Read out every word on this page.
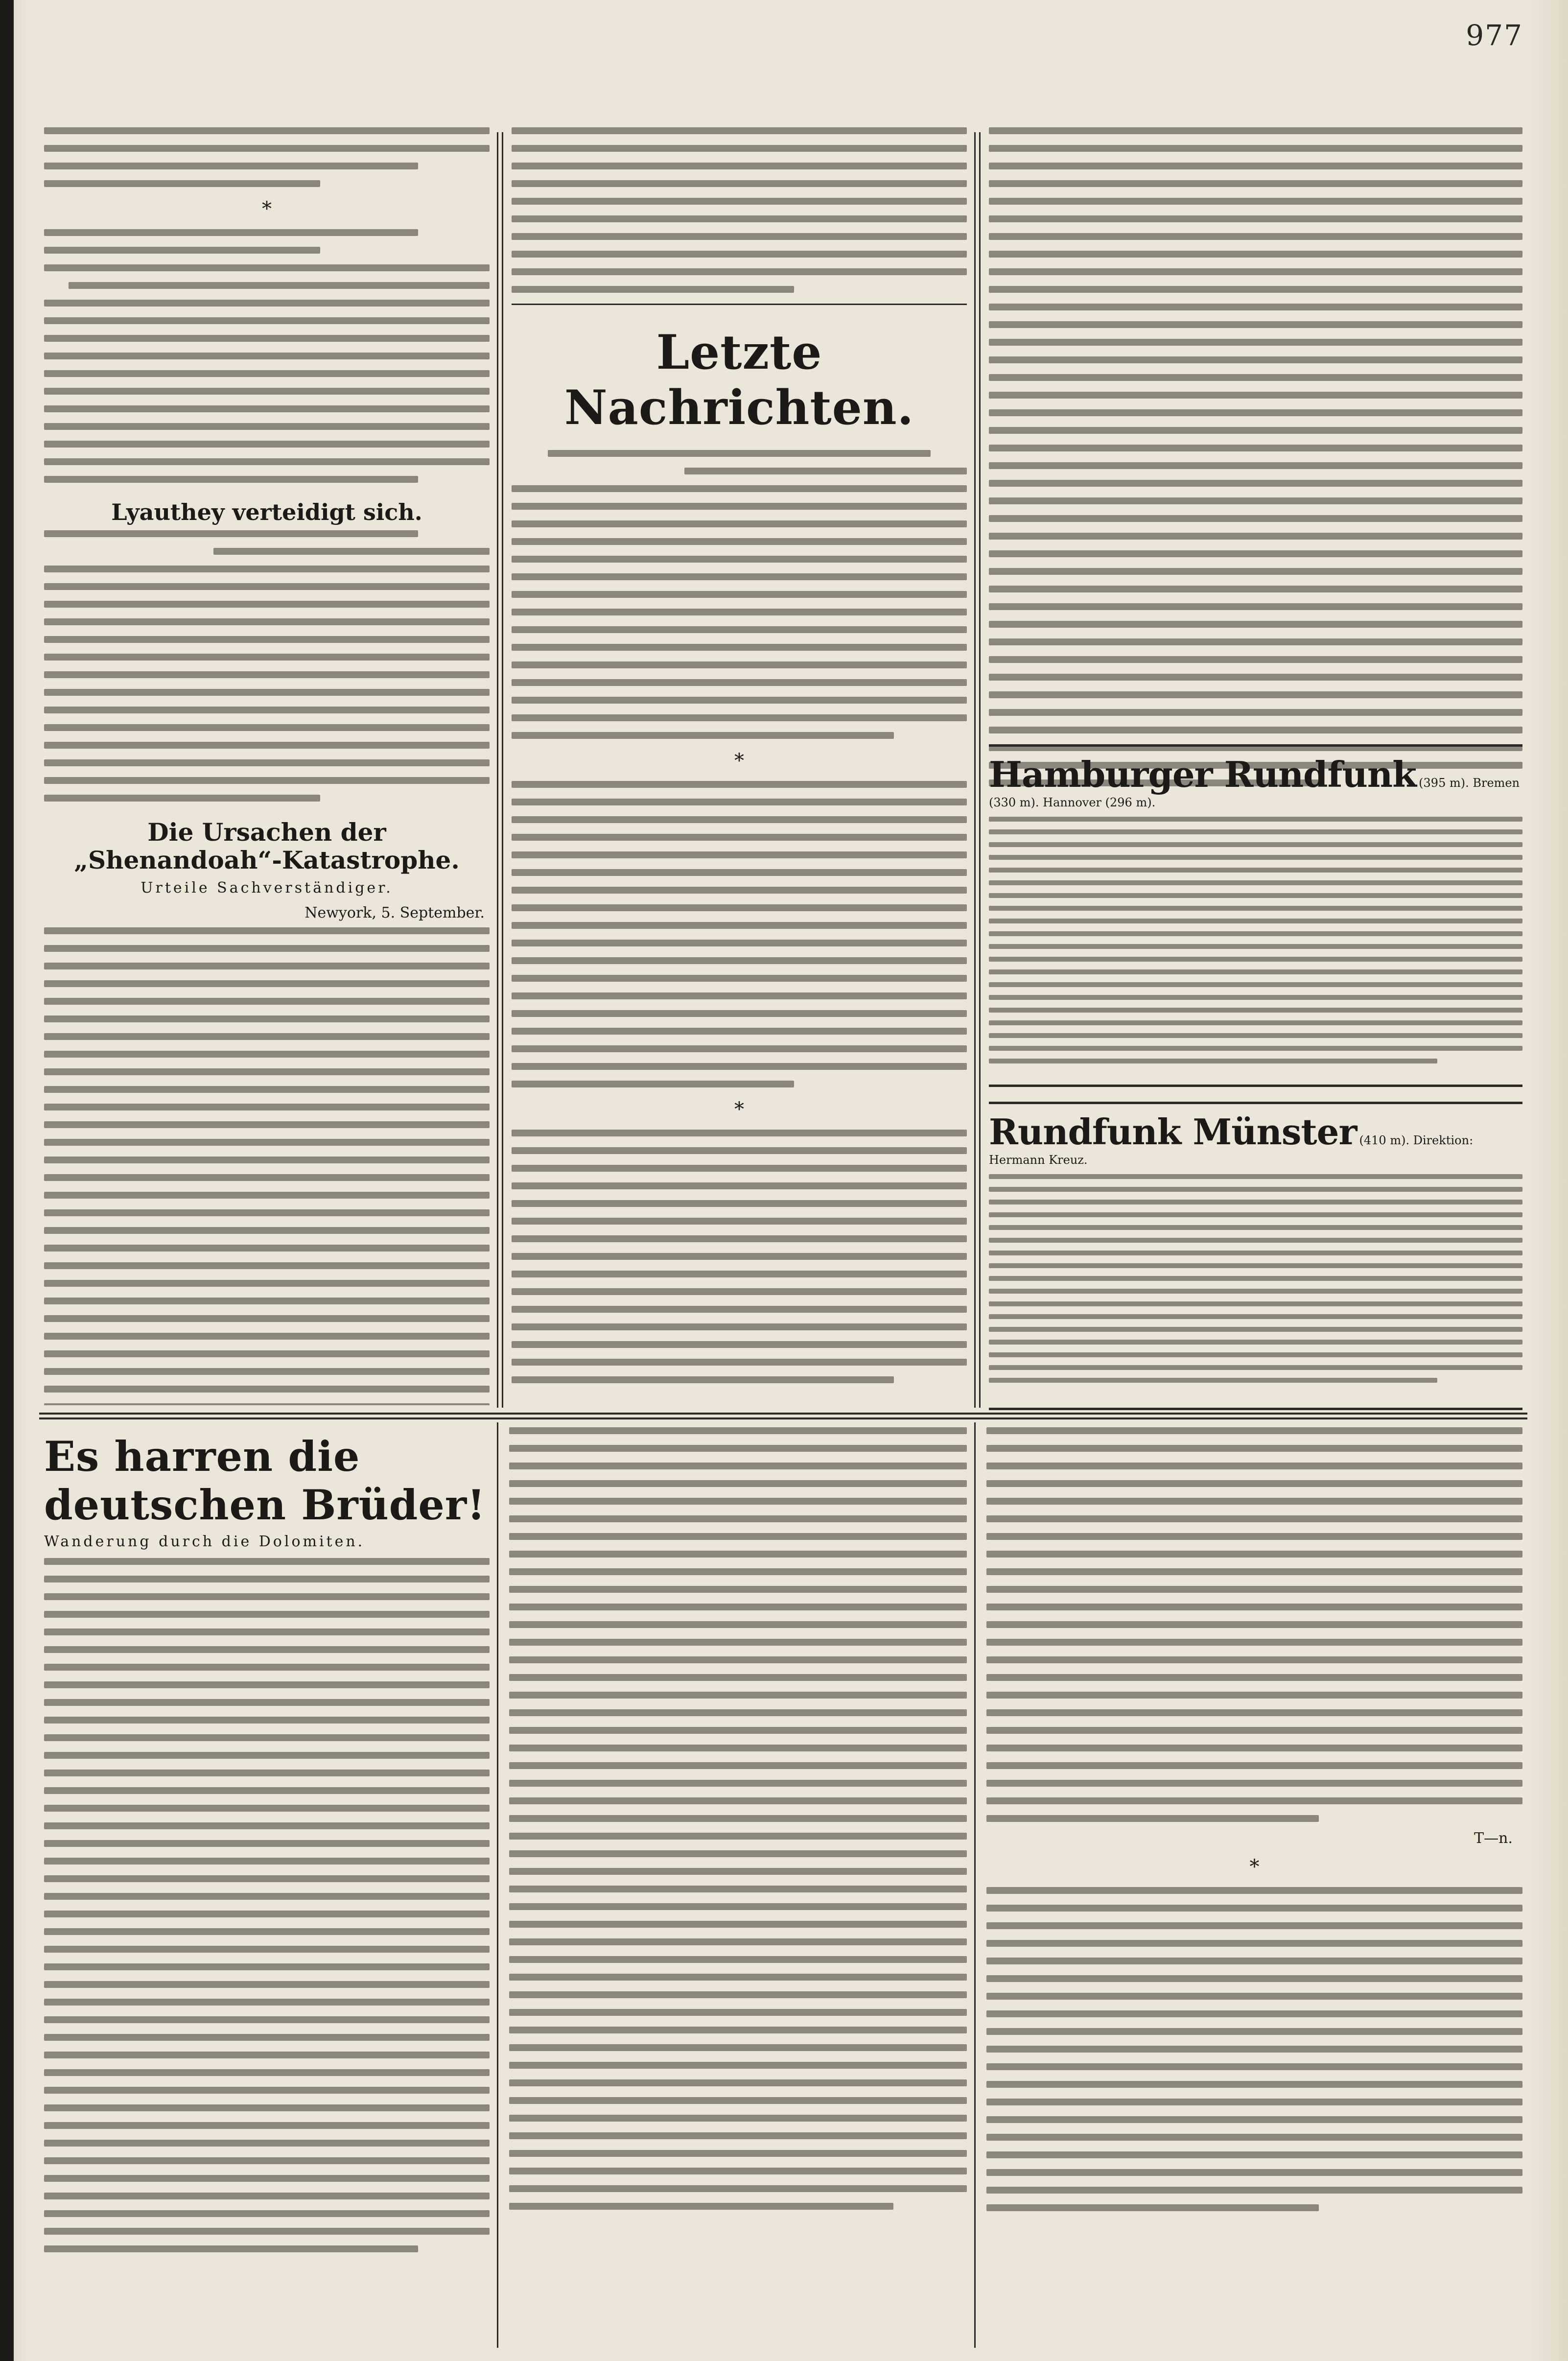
977
*
Lyauthey verteidigt sich.
Die Ursachen der „Shenandoah“-Katastrophe.
Urteile Sachverständiger.
Newyork, 5. September.
Letzte Nachrichten.
*
*
Hamburger Rundfunk (395 m). Bremen (330 m). Hannover (296 m).
Rundfunk Münster (410 m). Direktion: Hermann Kreuz.
Es harren die deutschen Brüder!
Wanderung durch die Dolomiten.
T—n.
*
